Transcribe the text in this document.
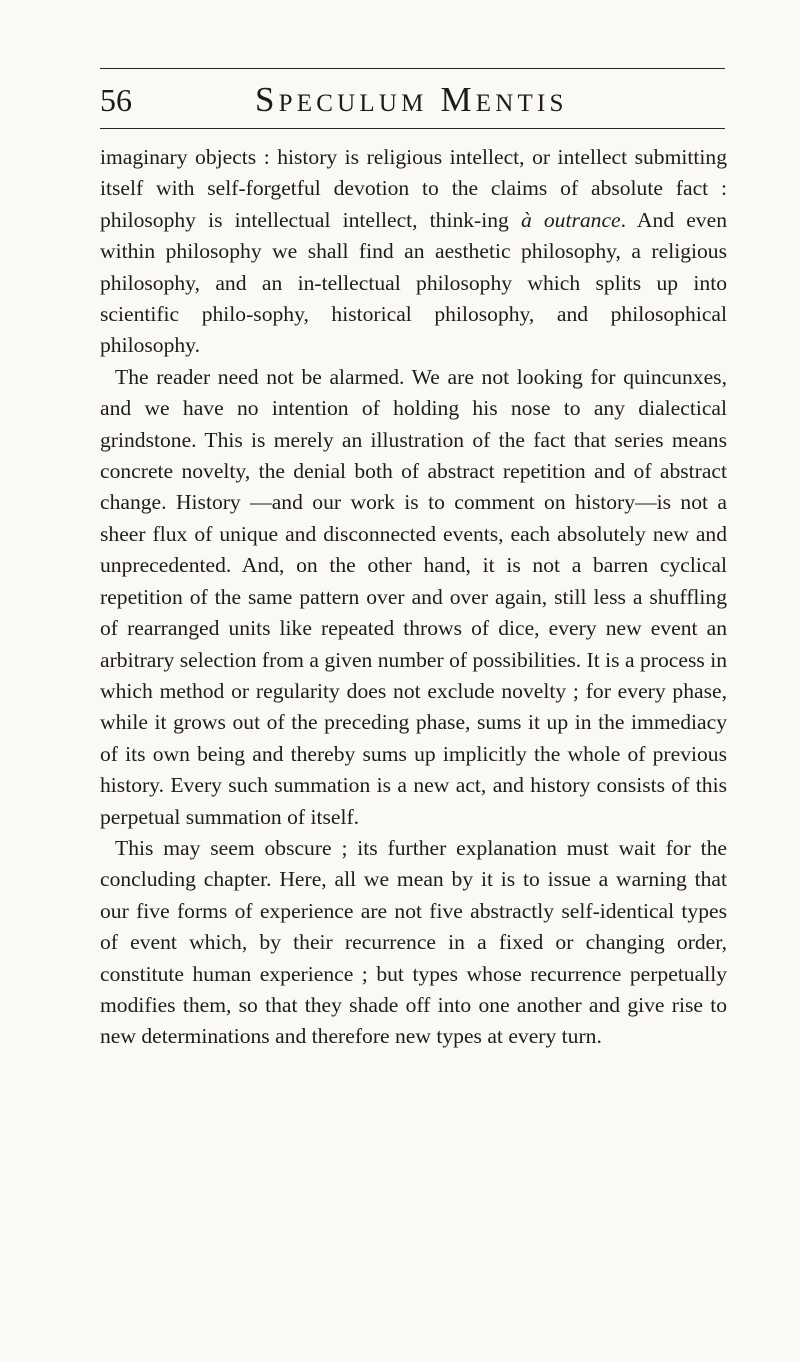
56	Speculum Mentis

imaginary objects : history is religious intellect, or intellect submitting itself with self-forgetful devotion to the claims of absolute fact : philosophy is intellectual intellect, think-ing à outrance. And even within philosophy we shall find an aesthetic philosophy, a religious philosophy, and an in-tellectual philosophy which splits up into scientific philo-sophy, historical philosophy, and philosophical philosophy.

The reader need not be alarmed. We are not looking for quincunxes, and we have no intention of holding his nose to any dialectical grindstone. This is merely an illustration of the fact that series means concrete novelty, the denial both of abstract repetition and of abstract change. History —and our work is to comment on history—is not a sheer flux of unique and disconnected events, each absolutely new and unprecedented. And, on the other hand, it is not a barren cyclical repetition of the same pattern over and over again, still less a shuffling of rearranged units like repeated throws of dice, every new event an arbitrary selection from a given number of possibilities. It is a process in which method or regularity does not exclude novelty ; for every phase, while it grows out of the preceding phase, sums it up in the immediacy of its own being and thereby sums up implicitly the whole of previous history. Every such summation is a new act, and history consists of this perpetual summation of itself.

This may seem obscure ; its further explanation must wait for the concluding chapter. Here, all we mean by it is to issue a warning that our five forms of experience are not five abstractly self-identical types of event which, by their recurrence in a fixed or changing order, constitute human experience ; but types whose recurrence perpetually modifies them, so that they shade off into one another and give rise to new determinations and therefore new types at every turn.
